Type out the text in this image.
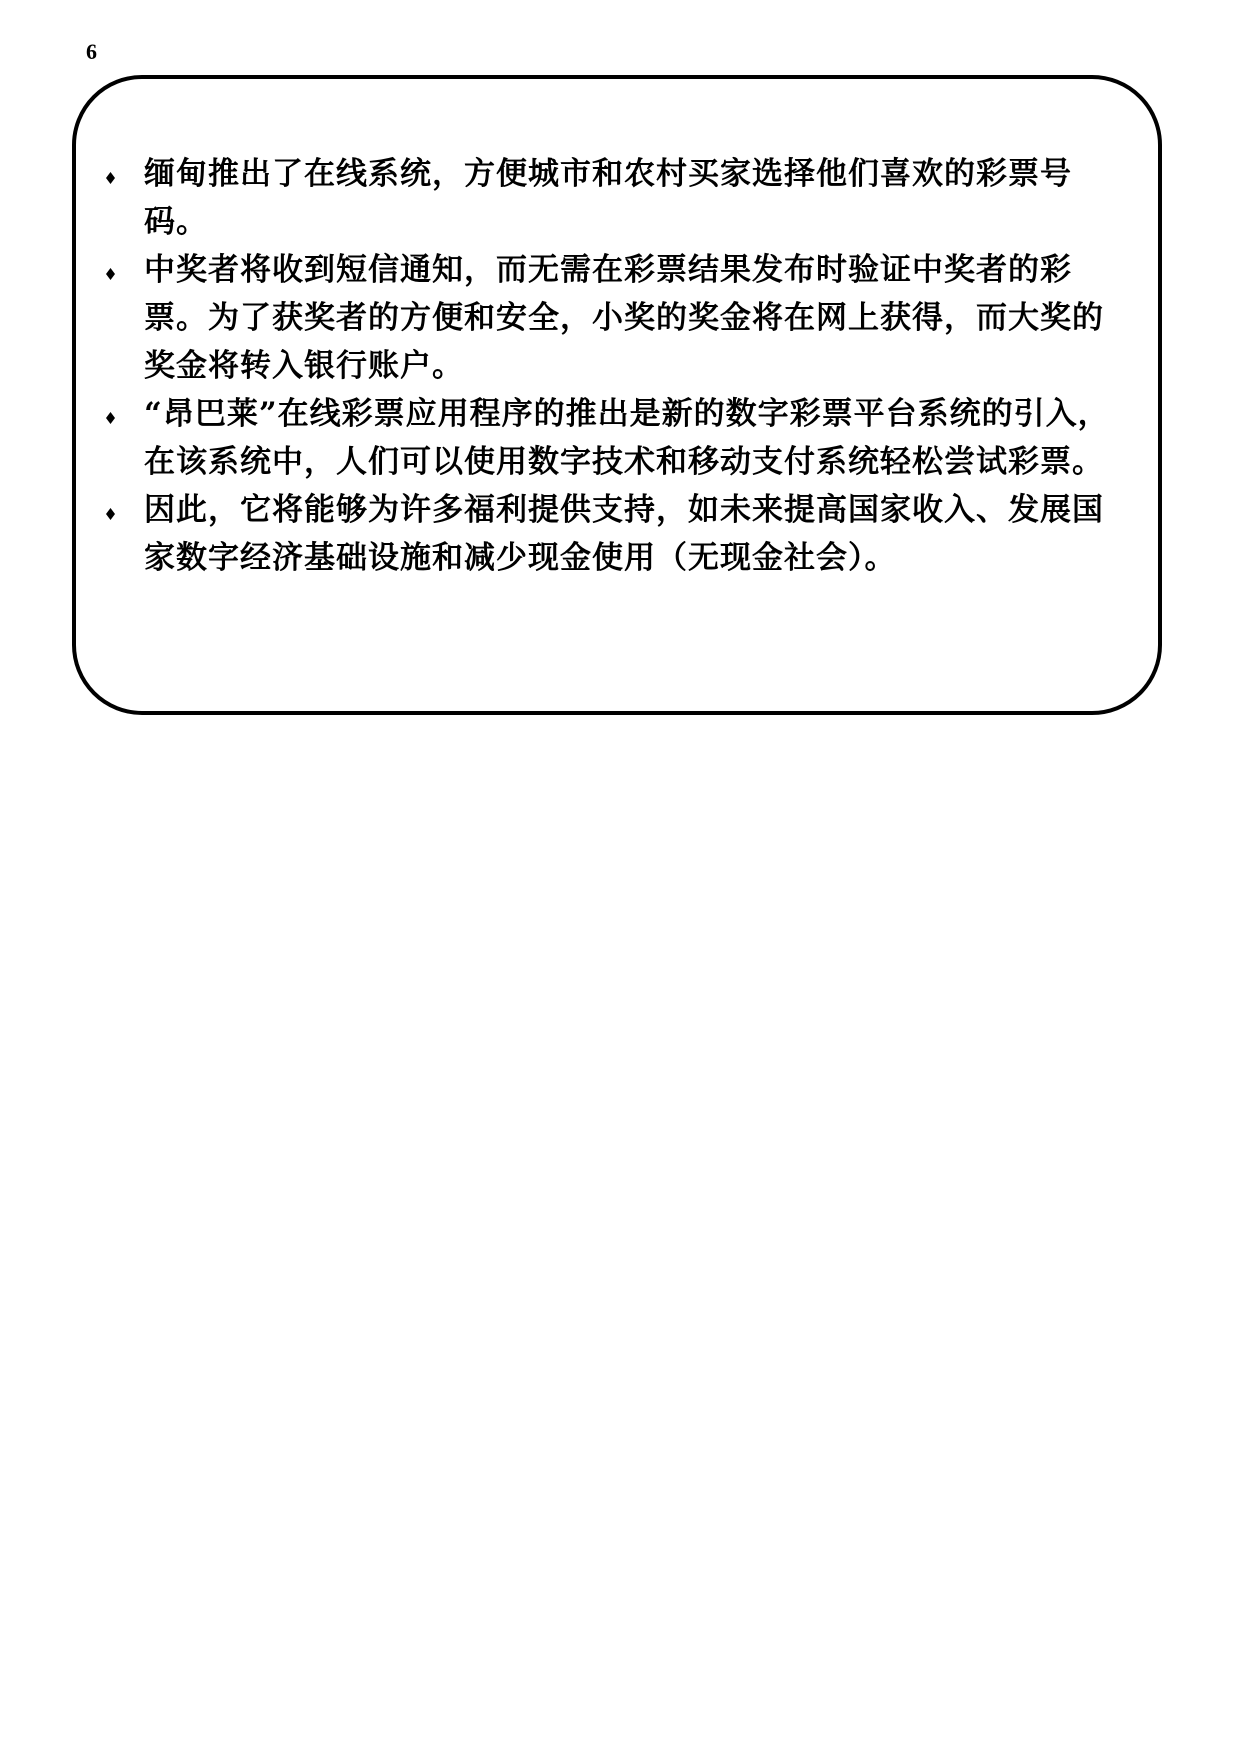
6
缅甸推出了在线系统，方便城市和农村买家选择他们喜欢的彩票号码。
中奖者将收到短信通知，而无需在彩票结果发布时验证中奖者的彩票。为了获奖者的方便和安全，小奖的奖金将在网上获得，而大奖的奖金将转入银行账户。
“昂巴莱”在线彩票应用程序的推出是新的数字彩票平台系统的引入，在该系统中，人们可以使用数字技术和移动支付系统轻松尝试彩票。
因此，它将能够为许多福利提供支持，如未来提高国家收入、发展国家数字经济基础设施和减少现金使用（无现金社会）。
